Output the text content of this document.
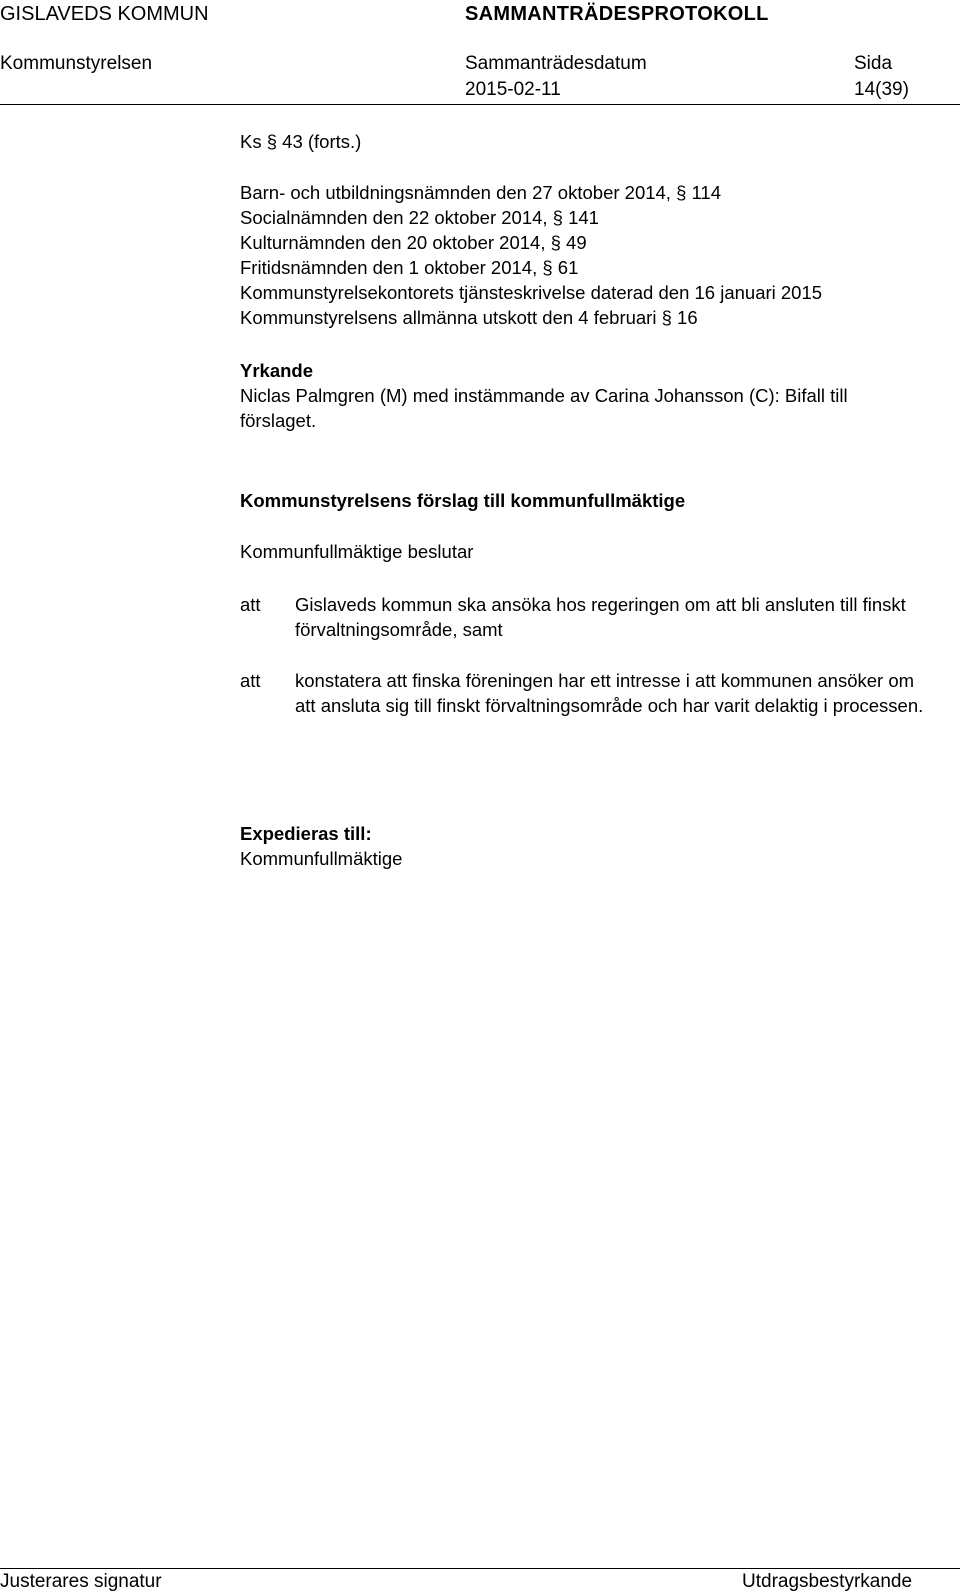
GISLAVEDS KOMMUN	SAMMANTRÄDESPROTOKOLL
Kommunstyrelsen	Sammanträdesdatum	Sida
2015-02-11	14(39)
Ks § 43 (forts.)
Barn- och utbildningsnämnden den 27 oktober 2014, § 114
Socialnämnden den 22 oktober 2014, § 141
Kulturnämnden den 20 oktober 2014, § 49
Fritidsnämnden den 1 oktober 2014, § 61
Kommunstyrelsekontorets tjänsteskrivelse daterad den 16 januari 2015
Kommunstyrelsens allmänna utskott den 4 februari § 16
Yrkande
Niclas Palmgren (M) med instämmande av Carina Johansson (C): Bifall till förslaget.
Kommunstyrelsens förslag till kommunfullmäktige
Kommunfullmäktige beslutar
att Gislaveds kommun ska ansöka hos regeringen om att bli ansluten till finskt förvaltningsområde, samt
att konstatera att finska föreningen har ett intresse i att kommunen ansöker om att ansluta sig till finskt förvaltningsområde och har varit delaktig i processen.
Expedieras till:
Kommunfullmäktige
Justerares signatur	Utdragsbestyrkande
